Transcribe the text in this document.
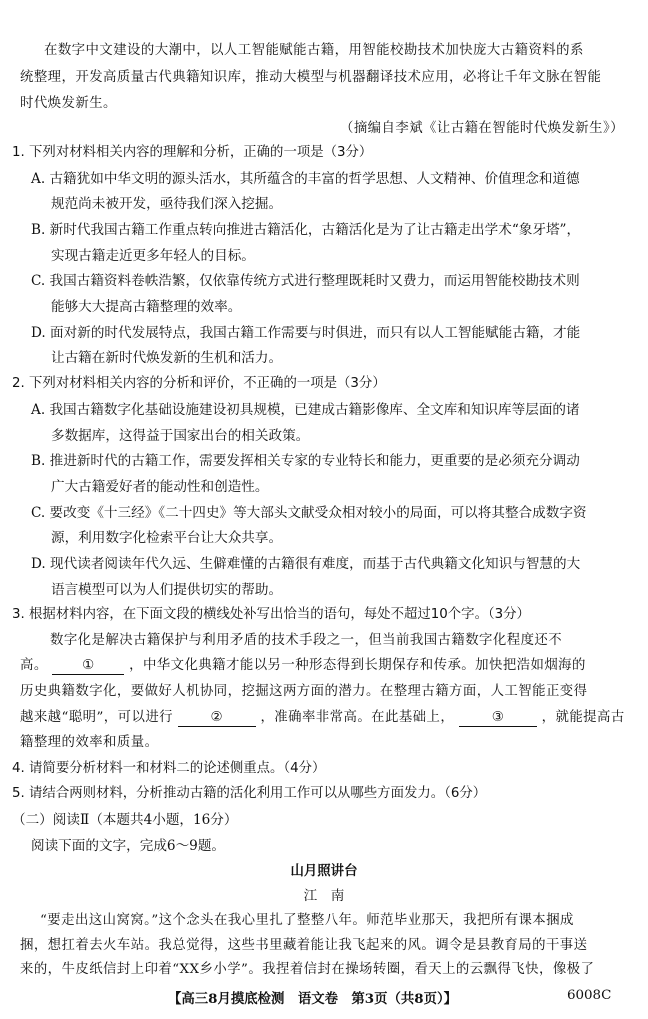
在数字中文建设的大潮中，以人工智能赋能古籍，用智能校勘技术加快庞大古籍资料的系
统整理，开发高质量古代典籍知识库，推动大模型与机器翻译技术应用，必将让千年文脉在智能
时代焕发新生。
（摘编自李斌《让古籍在智能时代焕发新生》）
1. 下列对材料相关内容的理解和分析，正确的一项是（3分）
A. 古籍犹如中华文明的源头活水，其所蕴含的丰富的哲学思想、人文精神、价值理念和道德
规范尚未被开发，亟待我们深入挖掘。
B. 新时代我国古籍工作重点转向推进古籍活化，古籍活化是为了让古籍走出学术“象牙塔”，
实现古籍走近更多年轻人的目标。
C. 我国古籍资料卷帙浩繁，仅依靠传统方式进行整理既耗时又费力，而运用智能校勘技术则
能够大大提高古籍整理的效率。
D. 面对新的时代发展特点，我国古籍工作需要与时俱进，而只有以人工智能赋能古籍，才能
让古籍在新时代焕发新的生机和活力。
2. 下列对材料相关内容的分析和评价，不正确的一项是（3分）
A. 我国古籍数字化基础设施建设初具规模，已建成古籍影像库、全文库和知识库等层面的诸
多数据库，这得益于国家出台的相关政策。
B. 推进新时代的古籍工作，需要发挥相关专家的专业特长和能力，更重要的是必须充分调动
广大古籍爱好者的能动性和创造性。
C. 要改变《十三经》《二十四史》等大部头文献受众相对较小的局面，可以将其整合成数字资
源，利用数字化检索平台让大众共享。
D. 现代读者阅读年代久远、生僻难懂的古籍很有难度，而基于古代典籍文化知识与智慧的大
语言模型可以为人们提供切实的帮助。
3. 根据材料内容，在下面文段的横线处补写出恰当的语句，每处不超过10个字。（3分）
数字化是解决古籍保护与利用矛盾的技术手段之一，但当前我国古籍数字化程度还不
高。	①	，中华文化典籍才能以另一种形态得到长期保存和传承。加快把浩如烟海的
历史典籍数字化，要做好人机协同，挖掘这两方面的潜力。在整理古籍方面，人工智能正变得
越来越“聪明”，可以进行	②	，准确率非常高。在此基础上，	③	，就能提高古
籍整理的效率和质量。
4. 请简要分析材料一和材料二的论述侧重点。（4分）
5. 请结合两则材料，分析推动古籍的活化利用工作可以从哪些方面发力。（6分）
（二）阅读Ⅱ（本题共4小题，16分）
阅读下面的文字，完成6～9题。
山月照讲台
江　南
“要走出这山窝窝。”这个念头在我心里扎了整整八年。师范毕业那天，我把所有课本捆成
捆，想扛着去火车站。我总觉得，这些书里藏着能让我飞起来的风。调令是县教育局的干事送
来的，牛皮纸信封上印着“XX乡小学”。我捏着信封在操场转圈，看天上的云飘得飞快，像极了
【高三8月摸底检测　语文卷　第3页（共8页）】	6008C
